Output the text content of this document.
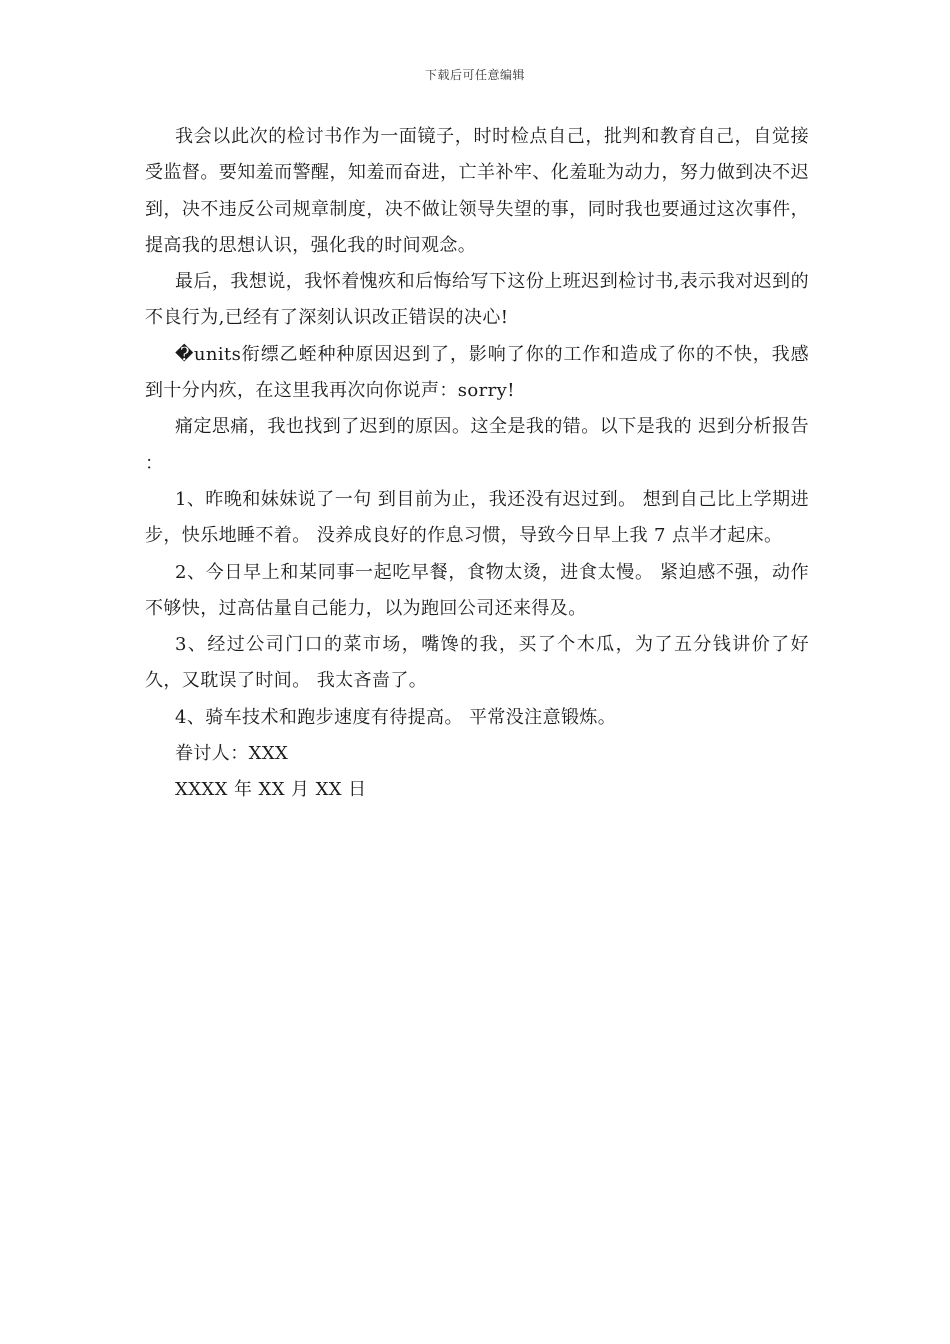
下载后可任意编辑

我会以此次的检讨书作为一面镜子，时时检点自己，批判和教育自己，自觉接受监督。要知羞而警醒，知羞而奋进，亡羊补牢、化羞耻为动力，努力做到决不迟到，决不违反公司规章制度，决不做让领导失望的事，同时我也要通过这次事件，提高我的思想认识，强化我的时间观念。

最后，我想说，我怀着愧疚和后悔给写下这份上班迟到检讨书,表示我对迟到的不良行为,已经有了深刻认识改正错误的决心!

�units衔缥乙蛭种种原因迟到了，影响了你的工作和造成了你的不快，我感到十分内疚，在这里我再次向你说声：sorry!

痛定思痛，我也找到了迟到的原因。这全是我的错。以下是我的 迟到分析报告 ：

1、昨晚和妹妹说了一句 到目前为止，我还没有迟过到。 想到自己比上学期进步，快乐地睡不着。 没养成良好的作息习惯，导致今日早上我 7 点半才起床。

2、今日早上和某同事一起吃早餐，食物太烫，进食太慢。 紧迫感不强，动作不够快，过高估量自己能力，以为跑回公司还来得及。

3、经过公司门口的菜市场，嘴馋的我，买了个木瓜，为了五分钱讲价了好久，又耽误了时间。 我太吝啬了。

4、骑车技术和跑步速度有待提高。 平常没注意锻炼。

眷讨人：XXX

XXXX 年 XX 月 XX 日
